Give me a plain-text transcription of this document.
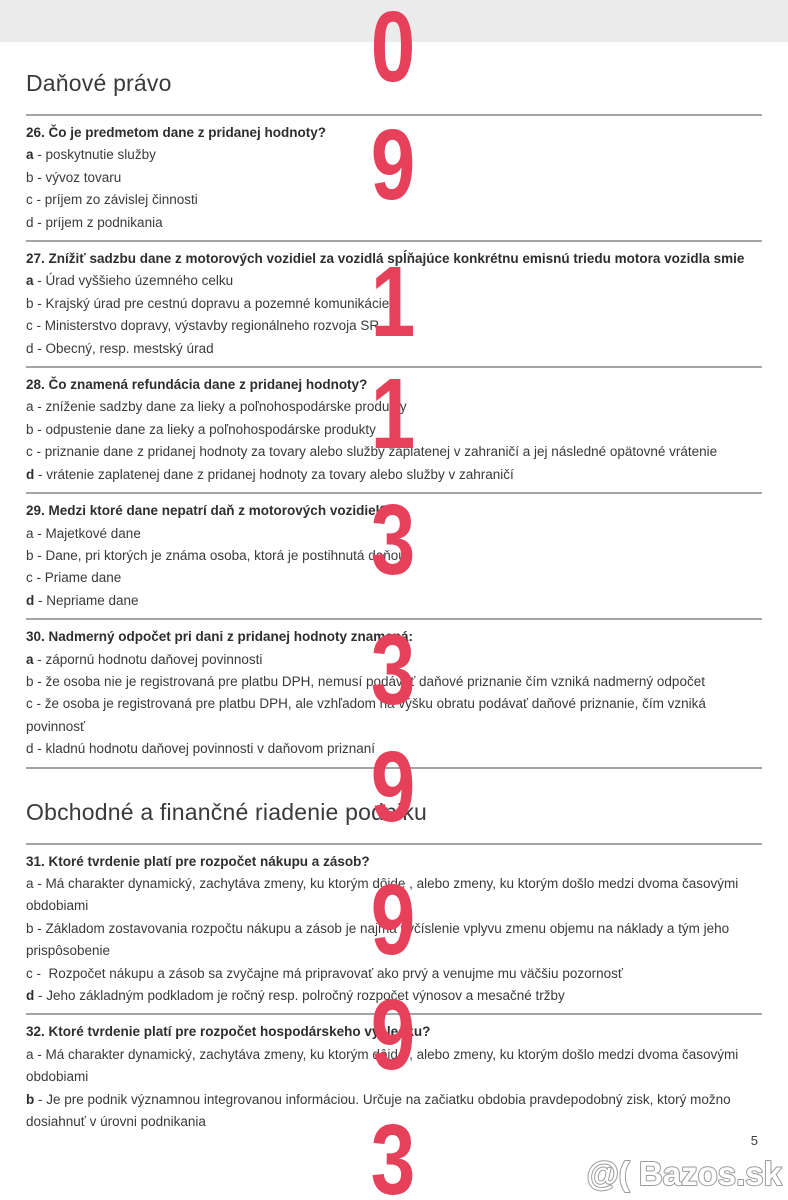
Daňové právo
26. Čo je predmetom dane z pridanej hodnoty?
a - poskytnutie služby
b - vývoz tovaru
c - príjem zo závislej činnosti
d - príjem z podnikania
27. Znížiť sadzbu dane z motorových vozidiel za vozidlá spĺňajúce konkrétnu emisnú triedu motora vozidla smie
a - Úrad vyššieho územného celku
b - Krajský úrad pre cestnú dopravu a pozemné komunikácie
c - Ministerstvo dopravy, výstavby regionálneho rozvoja SR
d - Obecný, resp. mestský úrad
28. Čo znamená refundácia dane z pridanej hodnoty?
a - zníženie sadzby dane za lieky a poľnohospodárske produkty
b - odpustenie dane za lieky a poľnohospodárske produkty
c - priznanie dane z pridanej hodnoty za tovary alebo služby zaplatenej v zahraničí a jej následné opätovné vrátenie
d - vrátenie zaplatenej dane z pridanej hodnoty za tovary alebo služby v zahraničí
29. Medzi ktoré dane nepatrí daň z motorových vozidiel?
a - Majetkové dane
b - Dane, pri ktorých je známa osoba, ktorá je postihnutá daňou
c - Priame dane
d - Nepriame dane
30. Nadmerný odpočet pri dani z pridanej hodnoty znamená:
a - zápornú hodnotu daňovej povinnosti
b - že osoba nie je registrovaná pre platbu DPH, nemusí podávať daňové priznanie čím vzniká nadmerný odpočet
c - že osoba je registrovaná pre platbu DPH, ale vzhľadom na výšku obratu podávať daňové priznanie, čím vzniká povinnosť
d - kladnú hodnotu daňovej povinnosti v daňovom priznaní
Obchodné a finančné riadenie podniku
31. Ktoré tvrdenie platí pre rozpočet nákupu a zásob?
a - Má charakter dynamický, zachytáva zmeny, ku ktorým dôide , alebo zmeny, ku ktorým došlo medzi dvoma časovými obdobiami
b - Základom zostavovania rozpočtu nákupu a zásob je najmä vyčíslenie vplyvu zmenu objemu na náklady a tým jeho prispôsobenie
c -  Rozpočet nákupu a zásob sa zvyčajne má pripravovať ako prvý a venujme mu väčšiu pozornosť
d - Jeho základným podkladom je ročný resp. polročný rozpočet výnosov a mesačné tržby
32. Ktoré tvrdenie platí pre rozpočet hospodárskeho výsledku?
a - Má charakter dynamický, zachytáva zmeny, ku ktorým dôjde , alebo zmeny, ku ktorým došlo medzi dvoma časovými obdobiami
b - Je pre podnik významnou integrovanou informáciou. Určuje na začiatku obdobia pravdepodobný zisk, ktorý možno dosiahnuť v úrovni podnikania
0
9
1
1
3
3
9
9
9
3	5
@( Bazos.sk
